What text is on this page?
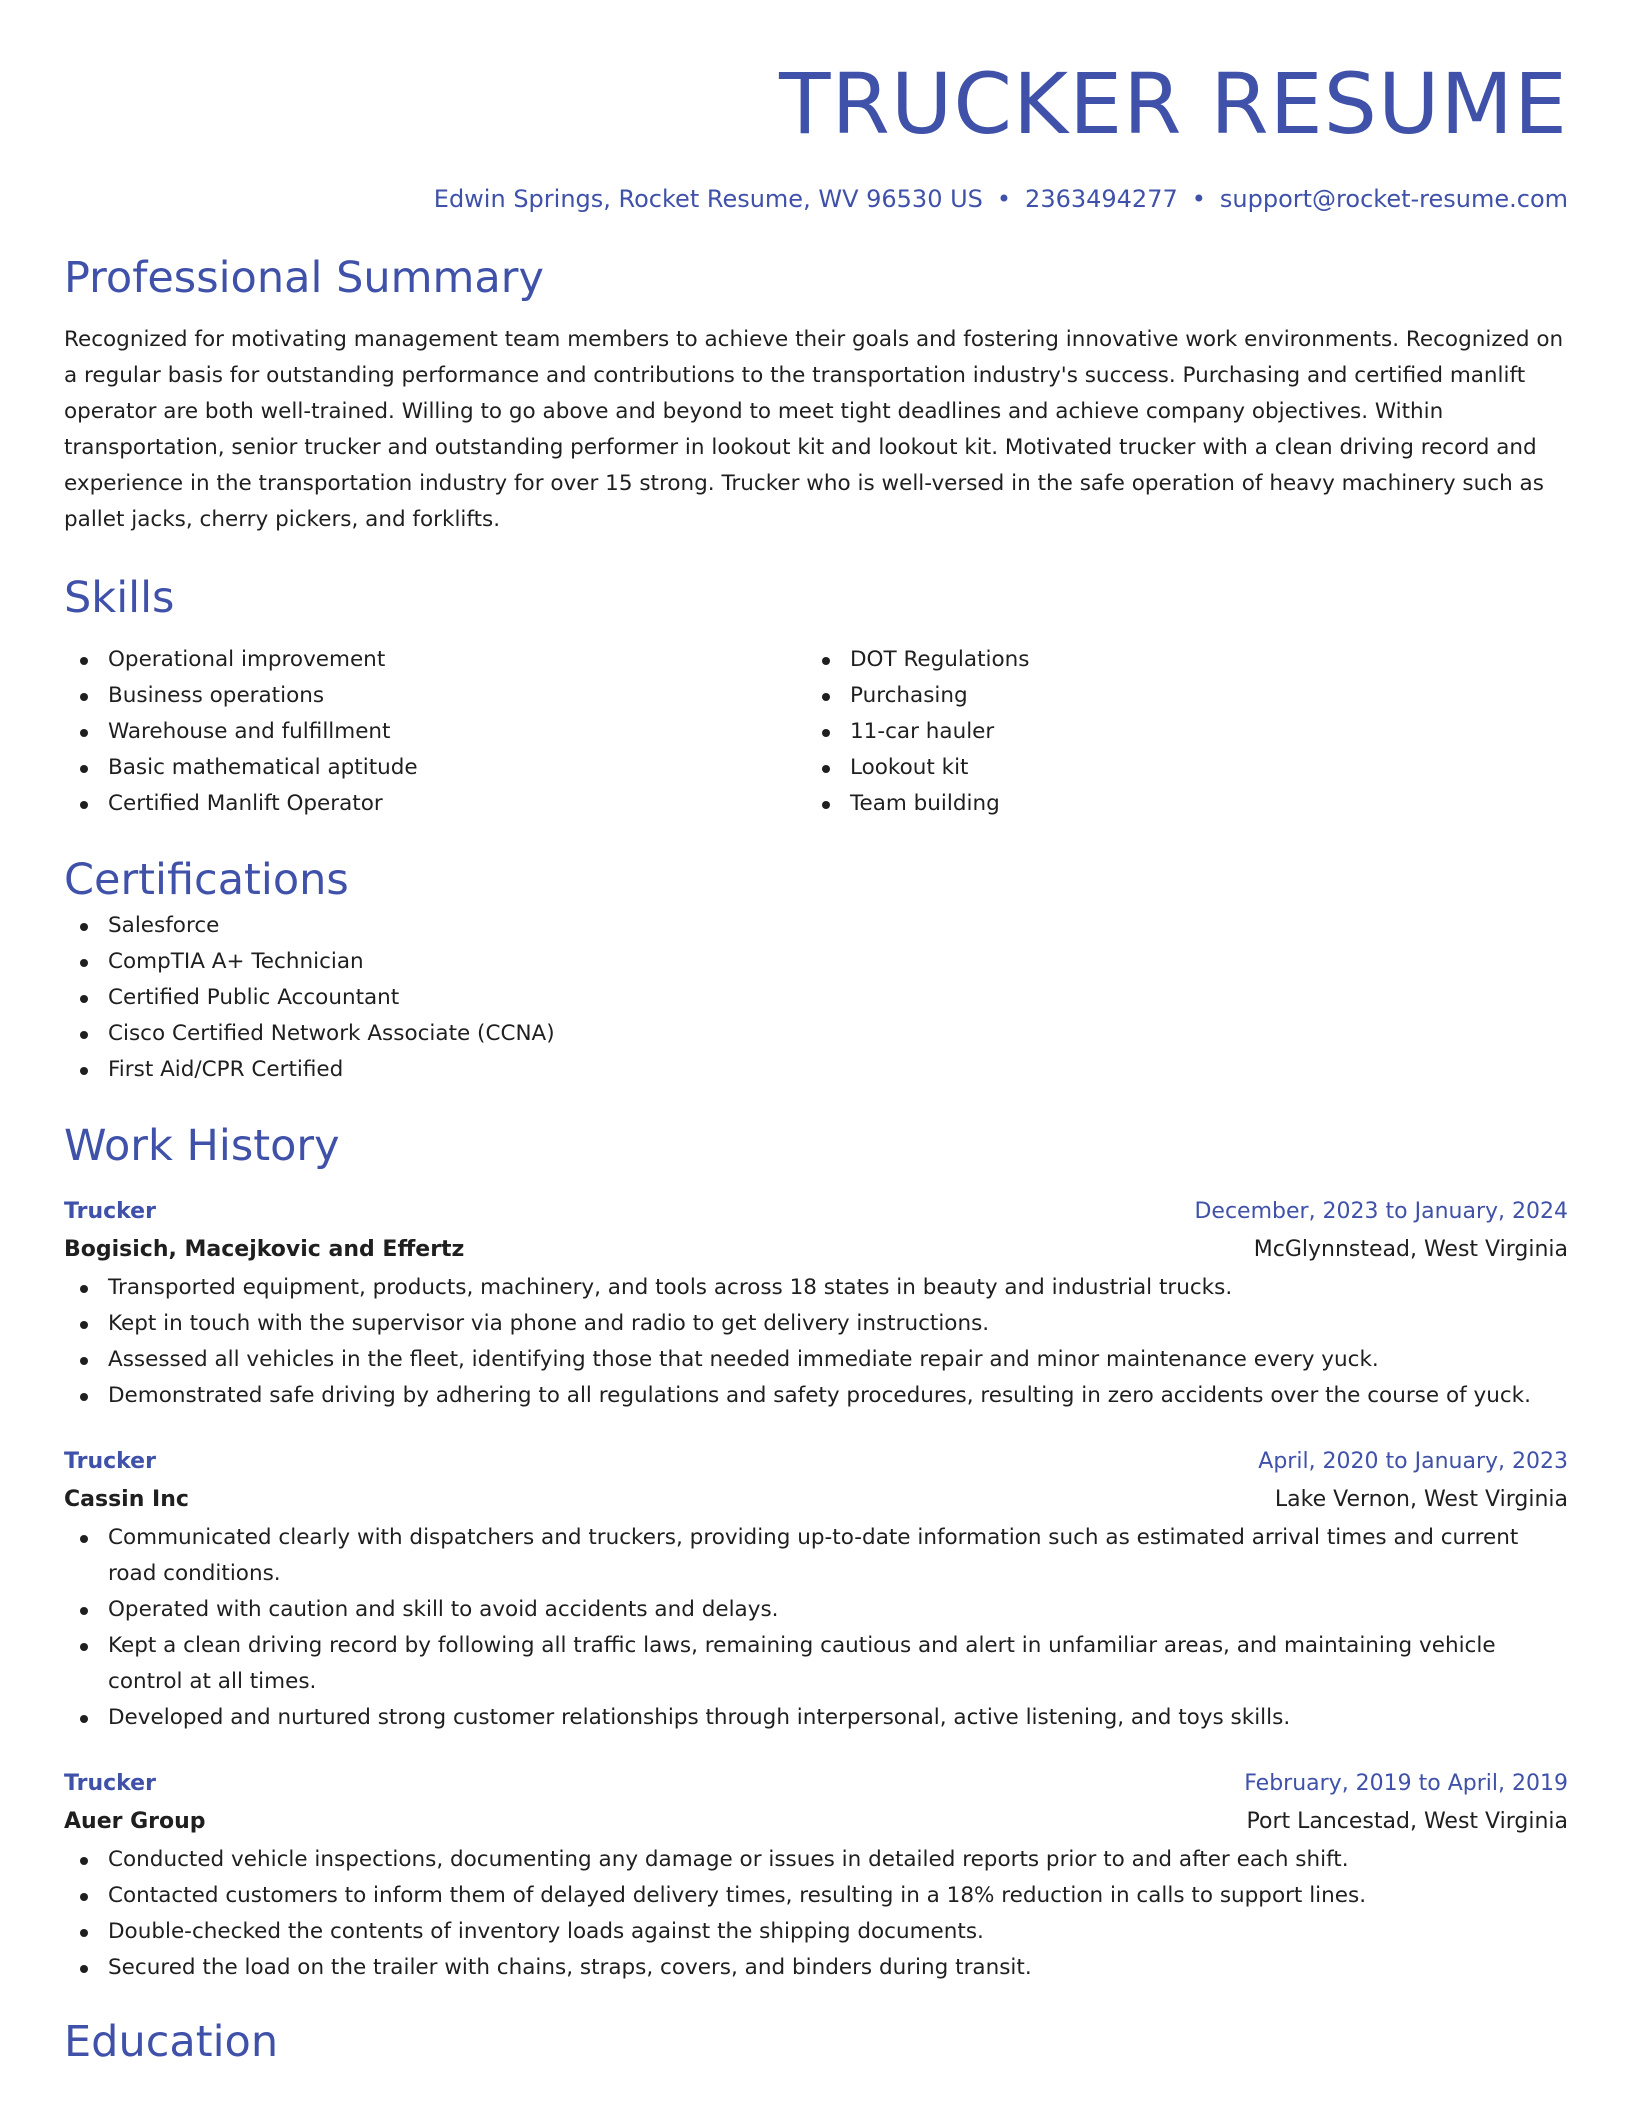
TRUCKER RESUME
Edwin Springs, Rocket Resume, WV 96530 US • 2363494277 • support@rocket-resume.com
Professional Summary

Recognized for motivating management team members to achieve their goals and fostering innovative work environments. Recognized on a regular basis for outstanding performance and contributions to the transportation industry's success. Purchasing and certified manlift operator are both well-trained. Willing to go above and beyond to meet tight deadlines and achieve company objectives. Within transportation, senior trucker and outstanding performer in lookout kit and lookout kit. Motivated trucker with a clean driving record and experience in the transportation industry for over 15 strong. Trucker who is well-versed in the safe operation of heavy machinery such as pallet jacks, cherry pickers, and forklifts.

Skills
Operational improvement
Business operations
Warehouse and fulfillment
Basic mathematical aptitude
Certified Manlift Operator
DOT Regulations
Purchasing
11-car hauler
Lookout kit
Team building
Certifications
Salesforce
CompTIA A+ Technician
Certified Public Accountant
Cisco Certified Network Associate (CCNA)
First Aid/CPR Certified
Work History
Trucker	December, 2023 to January, 2024
Bogisich, Macejkovic and Effertz	McGlynnstead, West Virginia
Transported equipment, products, machinery, and tools across 18 states in beauty and industrial trucks.
Kept in touch with the supervisor via phone and radio to get delivery instructions.
Assessed all vehicles in the fleet, identifying those that needed immediate repair and minor maintenance every yuck.
Demonstrated safe driving by adhering to all regulations and safety procedures, resulting in zero accidents over the course of yuck.
Trucker	April, 2020 to January, 2023
Cassin Inc	Lake Vernon, West Virginia
Communicated clearly with dispatchers and truckers, providing up-to-date information such as estimated arrival times and current road conditions.
Operated with caution and skill to avoid accidents and delays.
Kept a clean driving record by following all traffic laws, remaining cautious and alert in unfamiliar areas, and maintaining vehicle control at all times.
Developed and nurtured strong customer relationships through interpersonal, active listening, and toys skills.
Trucker	February, 2019 to April, 2019
Auer Group	Port Lancestad, West Virginia
Conducted vehicle inspections, documenting any damage or issues in detailed reports prior to and after each shift.
Contacted customers to inform them of delayed delivery times, resulting in a 18% reduction in calls to support lines.
Double-checked the contents of inventory loads against the shipping documents.
Secured the load on the trailer with chains, straps, covers, and binders during transit.
Education
